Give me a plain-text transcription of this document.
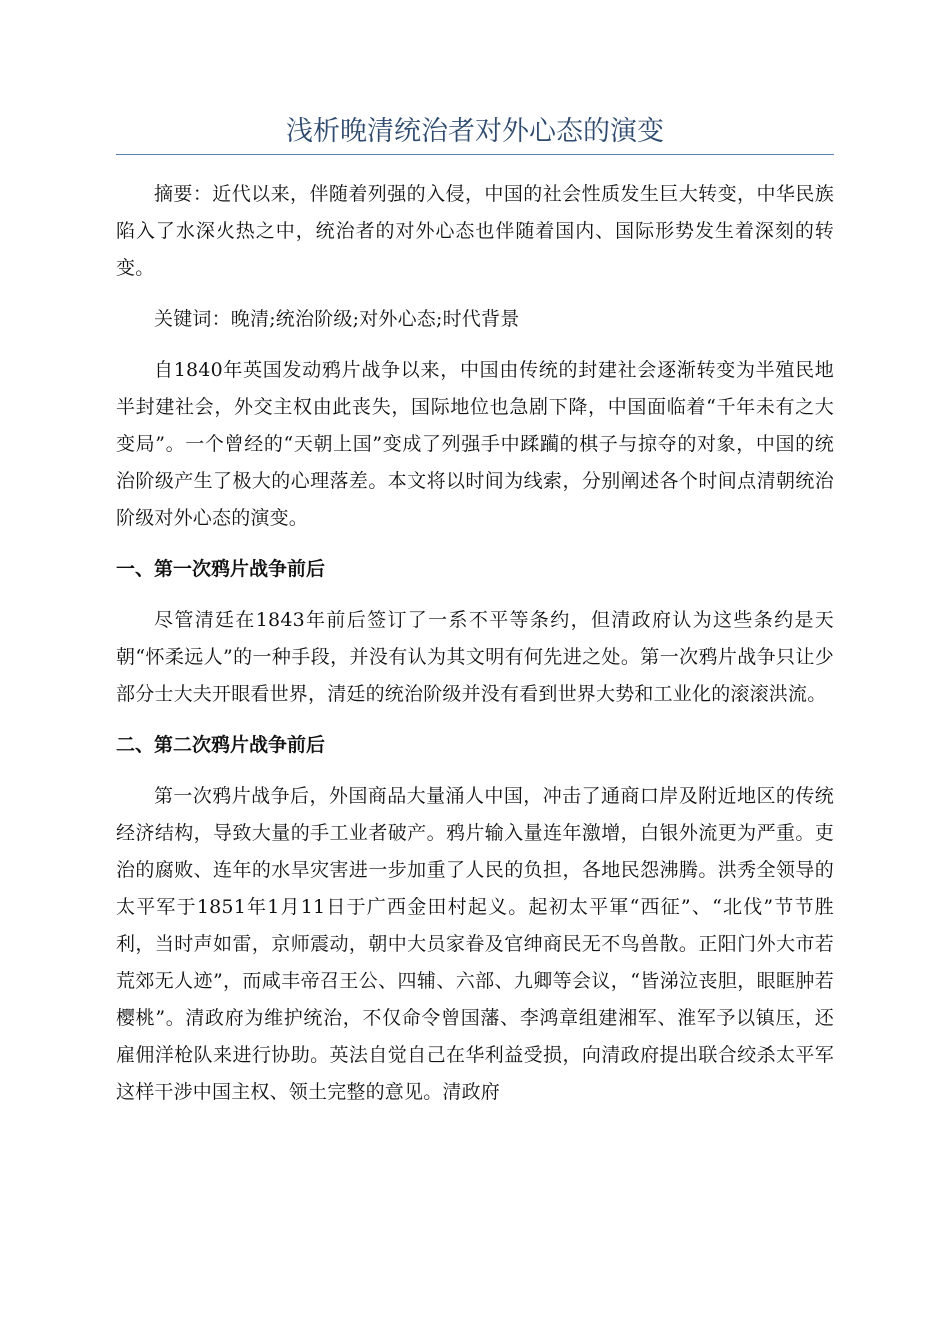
浅析晚清统治者对外心态的演变

摘要：近代以来，伴随着列强的入侵，中国的社会性质发生巨大转变，中华民族陷入了水深火热之中，统治者的对外心态也伴随着国内、国际形势发生着深刻的转变。

关键词：晚清;统治阶级;对外心态;时代背景

自1840年英国发动鸦片战争以来，中国由传统的封建社会逐渐转变为半殖民地半封建社会，外交主权由此丧失，国际地位也急剧下降，中国面临着“千年未有之大变局”。一个曾经的“天朝上国”变成了列强手中蹂躏的棋子与掠夺的对象，中国的统治阶级产生了极大的心理落差。本文将以时间为线索，分别阐述各个时间点清朝统治阶级对外心态的演变。

一、第一次鸦片战争前后

尽管清廷在1843年前后签订了一系不平等条约，但清政府认为这些条约是天朝“怀柔远人”的一种手段，并没有认为其文明有何先进之处。第一次鸦片战争只让少部分士大夫开眼看世界，清廷的统治阶级并没有看到世界大势和工业化的滚滚洪流。

二、第二次鸦片战争前后

第一次鸦片战争后，外国商品大量涌人中国，冲击了通商口岸及附近地区的传统经济结构，导致大量的手工业者破产。鸦片输入量连年激增，白银外流更为严重。吏治的腐败、连年的水旱灾害进一步加重了人民的负担，各地民怨沸腾。洪秀全领导的太平军于1851年1月11日于广西金田村起义。起初太平軍“西征”、“北伐”节节胜利，当时声如雷，京师震动，朝中大员家眷及官绅商民无不鸟兽散。正阳门外大市若荒郊无人迹”，而咸丰帝召王公、四辅、六部、九卿等会议，“皆涕泣丧胆，眼眶肿若樱桃”。清政府为维护统治，不仅命令曾国藩、李鸿章组建湘军、淮军予以镇压，还雇佣洋枪队来进行协助。英法自觉自己在华利益受损，向清政府提出联合绞杀太平军这样干涉中国主权、领土完整的意见。清政府
